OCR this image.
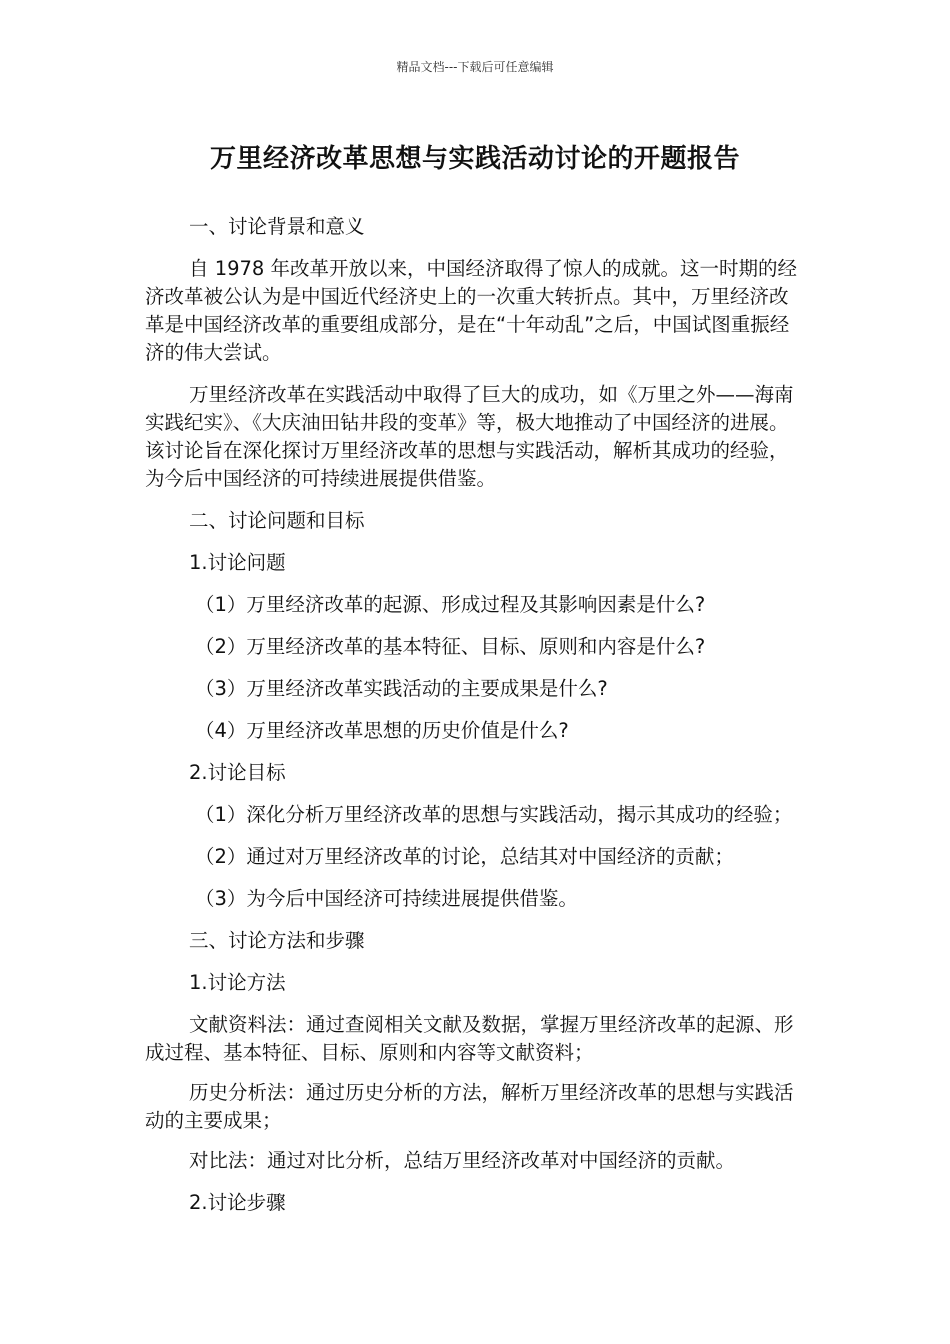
精品文档---下载后可任意编辑
万里经济改革思想与实践活动讨论的开题报告

一、讨论背景和意义

自 1978 年改革开放以来，中国经济取得了惊人的成就。这一时期的经济改革被公认为是中国近代经济史上的一次重大转折点。其中，万里经济改革是中国经济改革的重要组成部分，是在“十年动乱”之后，中国试图重振经济的伟大尝试。

万里经济改革在实践活动中取得了巨大的成功，如《万里之外——海南实践纪实》、《大庆油田钻井段的变革》等，极大地推动了中国经济的进展。该讨论旨在深化探讨万里经济改革的思想与实践活动，解析其成功的经验，为今后中国经济的可持续进展提供借鉴。

二、讨论问题和目标

1.讨论问题

（1）万里经济改革的起源、形成过程及其影响因素是什么?

（2）万里经济改革的基本特征、目标、原则和内容是什么?

（3）万里经济改革实践活动的主要成果是什么?

（4）万里经济改革思想的历史价值是什么?

2.讨论目标

（1）深化分析万里经济改革的思想与实践活动，揭示其成功的经验；

（2）通过对万里经济改革的讨论，总结其对中国经济的贡献；

（3）为今后中国经济可持续进展提供借鉴。

三、讨论方法和步骤

1.讨论方法

文献资料法：通过查阅相关文献及数据，掌握万里经济改革的起源、形成过程、基本特征、目标、原则和内容等文献资料；

历史分析法：通过历史分析的方法，解析万里经济改革的思想与实践活动的主要成果；

对比法：通过对比分析，总结万里经济改革对中国经济的贡献。

2.讨论步骤
